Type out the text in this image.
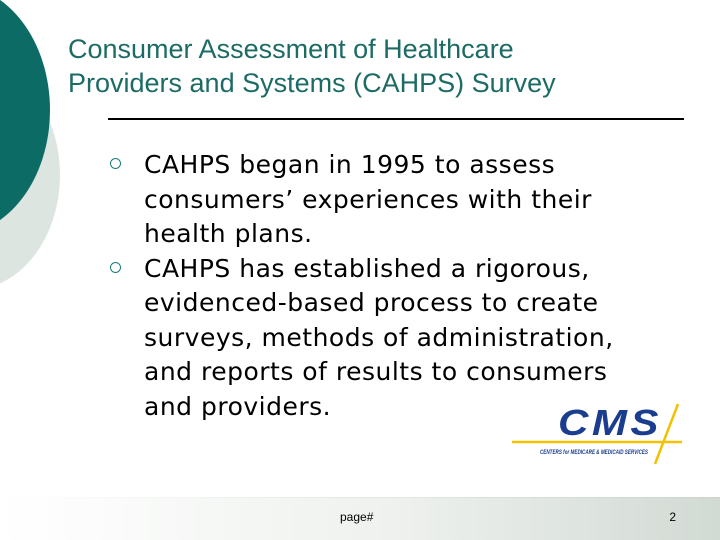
Consumer Assessment of Healthcare
Providers and Systems (CAHPS) Survey
CAHPS began in 1995 to assess
consumers’ experiences with their
health plans.
CAHPS has established a rigorous,
evidenced-based process to create
surveys, methods of administration,
and reports of results to consumers
and providers.	CMS
CENTERS for MEDICARE & MEDICAID SERVICES
page#	2
